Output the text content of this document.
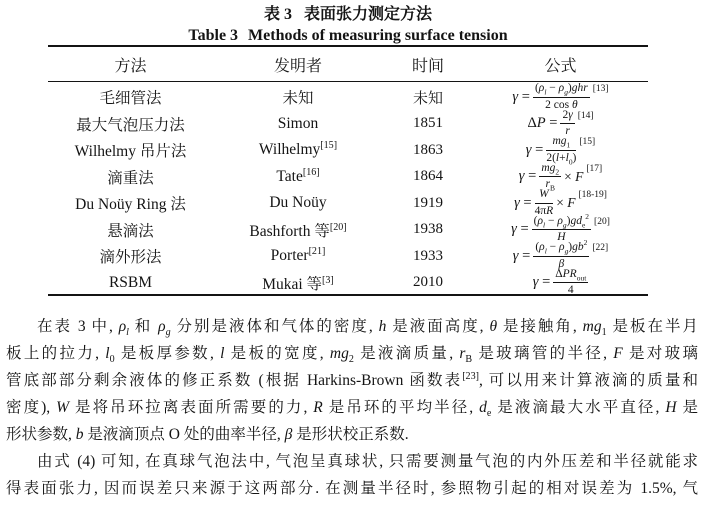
表 3 表面张力测定方法
Table 3 Methods of measuring surface tension
方法	发明者	时间	公式
毛细管法	未知	未知	$\gamma = \frac{(\rho_l - \rho_g)ghr}{\text{2 cos θ}} [13]$
最大气泡压力法	Simon	1851	$\Delta P = \frac{2\gamma}{r} [14]$
Wilhelmy 吊片法	Wilhelmy[15]	1863	$\gamma = \frac{mg_1}{2(l+l_0)} [15]$
滴重法	Tate[16]	1864	$\gamma = \frac{mg_2}{r_B} \times F$ [17]
Du Noüy Ring 法	Du Noüy	1919	$\gamma = \frac{W}{4\pi R} \times F$ [18-19]
悬滴法	Bashforth 等[20]	1938	$\gamma = \frac{(\rho_l - \rho_g)gd_e^2}{H} [20]$
滴外形法	Porter[21]	1933	$\gamma = \frac{(\rho_l - \rho_g)gb^2}{\beta} [22]$
RSBM	Mukai 等[3]	2010	$\gamma = \frac{\Delta PR_{out}}{4}$
在表 3 中, $\rho_l$ 和 $\rho_g$ 分别是液体和气体的密度, h 是液面高度, θ 是接触角, $mg_1$ 是板在半月
板上的拉力, $l_0$ 是板厚参数, l 是板的宽度, $mg_2$ 是液滴质量, $r_B$ 是玻璃管的半径, F 是对玻璃
管底部部分剩余液体的修正系数 (根据 Harkins-Brown 函数表[23], 可以用来计算液滴的质量和
密度), W 是将吊环拉离表面所需要的力, R 是吊环的平均半径, $d_e$ 是液滴最大水平直径, H 是
形状参数, b 是液滴顶点 O 处的曲率半径, β 是形状校正系数.
由式 (4) 可知, 在真球气泡法中, 气泡呈真球状, 只需要测量气泡的内外压差和半径就能求
得表面张力, 因而误差只来源于这两部分. 在测量半径时, 参照物引起的相对误差为 1.5%, 气
